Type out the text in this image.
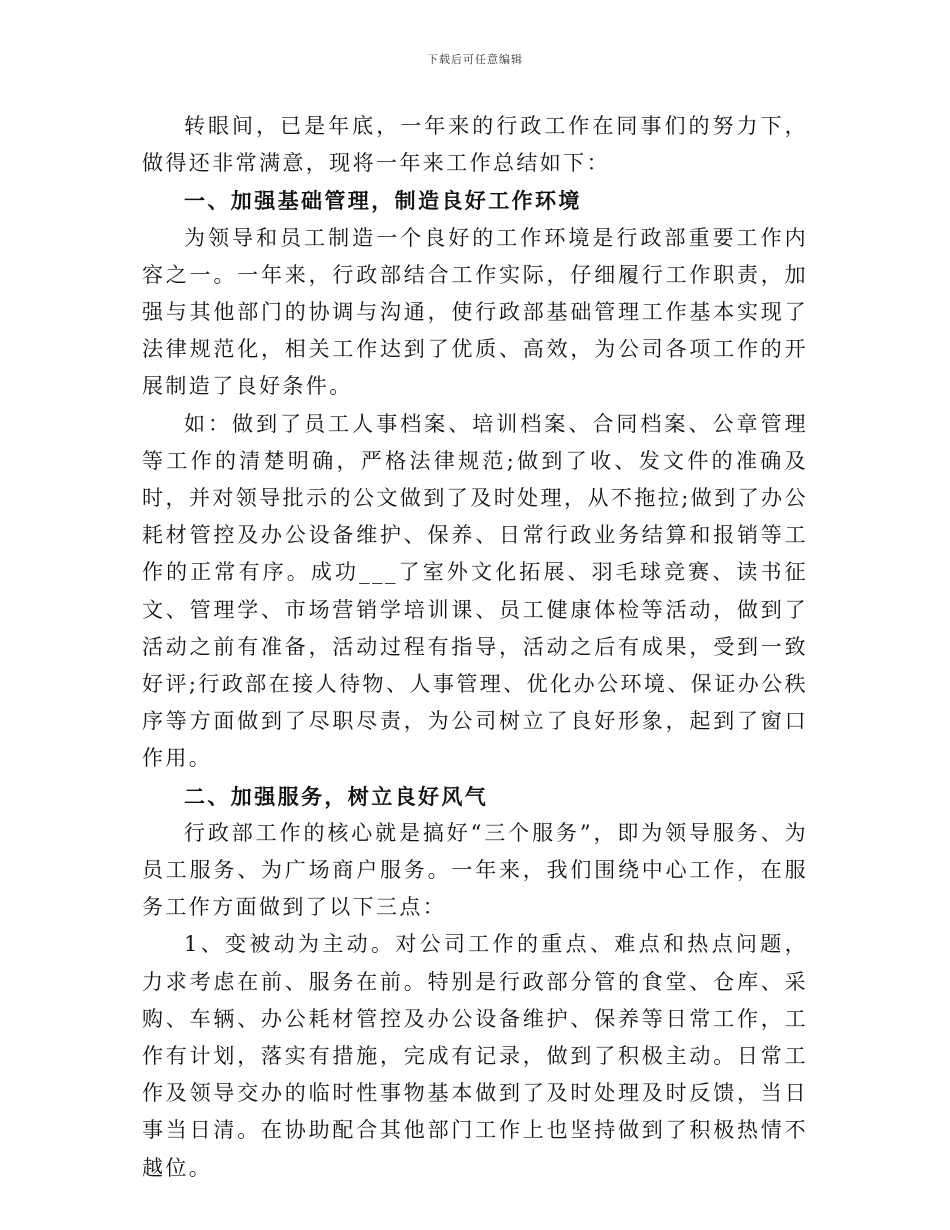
下载后可任意编辑

转眼间，已是年底，一年来的行政工作在同事们的努力下，做得还非常满意，现将一年来工作总结如下：

一、加强基础管理，制造良好工作环境

为领导和员工制造一个良好的工作环境是行政部重要工作内容之一。一年来，行政部结合工作实际，仔细履行工作职责，加强与其他部门的协调与沟通，使行政部基础管理工作基本实现了法律规范化，相关工作达到了优质、高效，为公司各项工作的开展制造了良好条件。

如：做到了员工人事档案、培训档案、合同档案、公章管理等工作的清楚明确，严格法律规范;做到了收、发文件的准确及时，并对领导批示的公文做到了及时处理，从不拖拉;做到了办公耗材管控及办公设备维护、保养、日常行政业务结算和报销等工作的正常有序。成功___了室外文化拓展、羽毛球竞赛、读书征文、管理学、市场营销学培训课、员工健康体检等活动，做到了活动之前有准备，活动过程有指导，活动之后有成果，受到一致好评;行政部在接人待物、人事管理、优化办公环境、保证办公秩序等方面做到了尽职尽责，为公司树立了良好形象，起到了窗口作用。

二、加强服务，树立良好风气

行政部工作的核心就是搞好“三个服务”，即为领导服务、为员工服务、为广场商户服务。一年来，我们围绕中心工作，在服务工作方面做到了以下三点：

1、变被动为主动。对公司工作的重点、难点和热点问题，力求考虑在前、服务在前。特别是行政部分管的食堂、仓库、采购、车辆、办公耗材管控及办公设备维护、保养等日常工作，工作有计划，落实有措施，完成有记录，做到了积极主动。日常工作及领导交办的临时性事物基本做到了及时处理及时反馈，当日事当日清。在协助配合其他部门工作上也坚持做到了积极热情不越位。
